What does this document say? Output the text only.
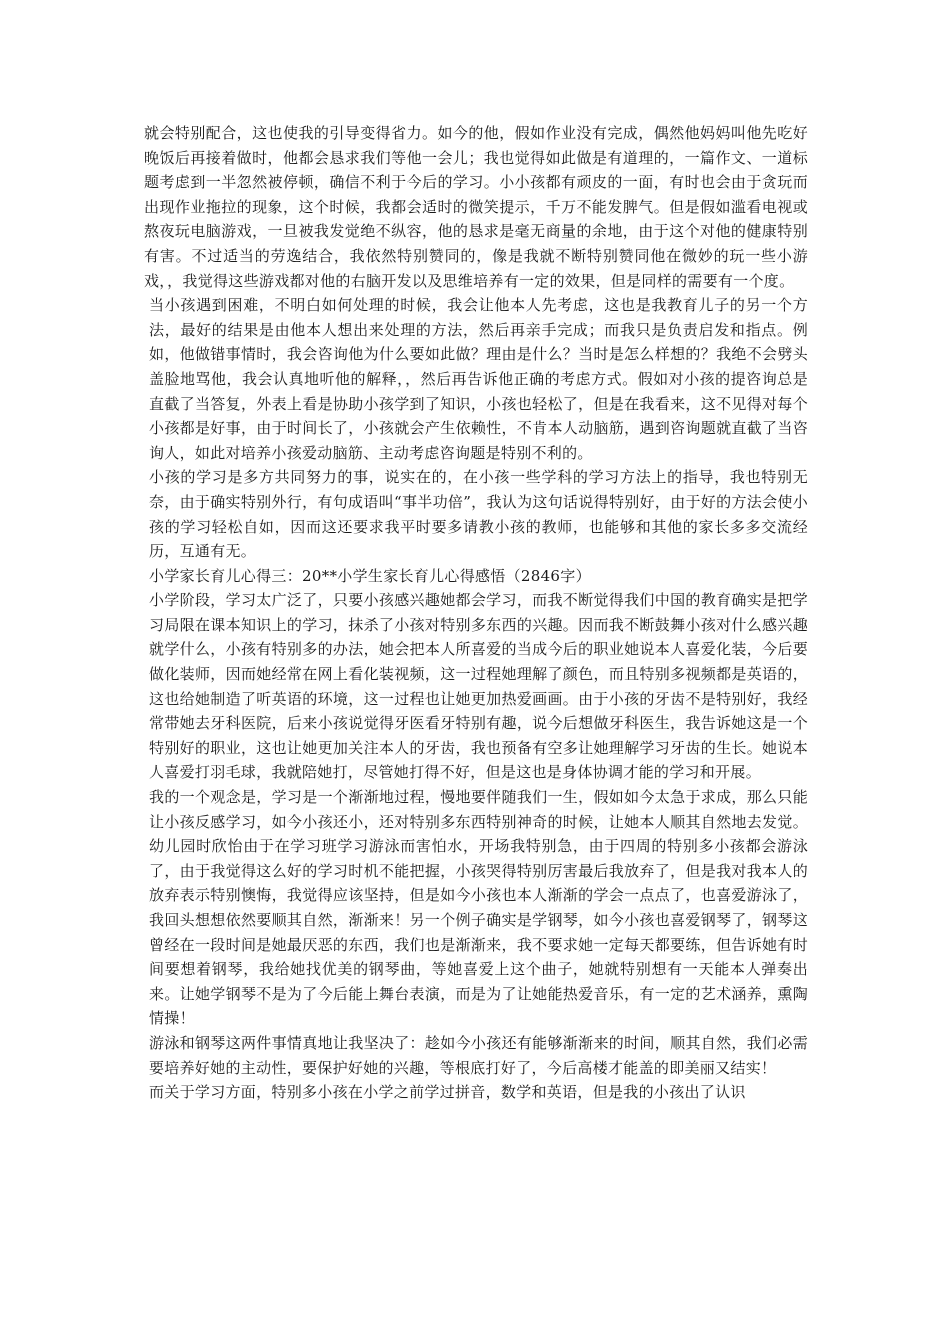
就会特别配合，这也使我的引导变得省力。如今的他，假如作业没有完成，偶然他妈妈叫他先吃好晚饭后再接着做时，他都会恳求我们等他一会儿；我也觉得如此做是有道理的，一篇作文、一道标题考虑到一半忽然被停顿，确信不利于今后的学习。小小孩都有顽皮的一面，有时也会由于贪玩而出现作业拖拉的现象，这个时候，我都会适时的微笑提示，千万不能发脾气。但是假如滥看电视或熬夜玩电脑游戏，一旦被我发觉绝不纵容，他的恳求是毫无商量的余地，由于这个对他的健康特别有害。不过适当的劳逸结合，我依然特别赞同的，像是我就不断特别赞同他在微妙的玩一些小游戏，，我觉得这些游戏都对他的右脑开发以及思维培养有一定的效果，但是同样的需要有一个度。

当小孩遇到困难，不明白如何处理的时候，我会让他本人先考虑，这也是我教育儿子的另一个方法，最好的结果是由他本人想出来处理的方法，然后再亲手完成；而我只是负责启发和指点。例如，他做错事情时，我会咨询他为什么要如此做？理由是什么？当时是怎么样想的？我绝不会劈头盖脸地骂他，我会认真地听他的解释，，然后再告诉他正确的考虑方式。假如对小孩的提咨询总是直截了当答复，外表上看是协助小孩学到了知识，小孩也轻松了，但是在我看来，这不见得对每个小孩都是好事，由于时间长了，小孩就会产生依赖性，不肯本人动脑筋，遇到咨询题就直截了当咨询人，如此对培养小孩爱动脑筋、主动考虑咨询题是特别不利的。

小孩的学习是多方共同努力的事，说实在的，在小孩一些学科的学习方法上的指导，我也特别无奈，由于确实特别外行，有句成语叫“事半功倍”，我认为这句话说得特别好，由于好的方法会使小孩的学习轻松自如，因而这还要求我平时要多请教小孩的教师，也能够和其他的家长多多交流经历，互通有无。

小学家长育儿心得三：20**小学生家长育儿心得感悟（2846字）

小学阶段，学习太广泛了，只要小孩感兴趣她都会学习，而我不断觉得我们中国的教育确实是把学习局限在课本知识上的学习，抹杀了小孩对特别多东西的兴趣。因而我不断鼓舞小孩对什么感兴趣就学什么，小孩有特别多的办法，她会把本人所喜爱的当成今后的职业她说本人喜爱化装，今后要做化装师，因而她经常在网上看化装视频，这一过程她理解了颜色，而且特别多视频都是英语的，这也给她制造了听英语的环境，这一过程也让她更加热爱画画。由于小孩的牙齿不是特别好，我经常带她去牙科医院，后来小孩说觉得牙医看牙特别有趣，说今后想做牙科医生，我告诉她这是一个特别好的职业，这也让她更加关注本人的牙齿，我也预备有空多让她理解学习牙齿的生长。她说本人喜爱打羽毛球，我就陪她打，尽管她打得不好，但是这也是身体协调才能的学习和开展。

我的一个观念是，学习是一个渐渐地过程，慢地要伴随我们一生，假如如今太急于求成，那么只能让小孩反感学习，如今小孩还小，还对特别多东西特别神奇的时候，让她本人顺其自然地去发觉。幼儿园时欣怡由于在学习班学习游泳而害怕水，开场我特别急，由于四周的特别多小孩都会游泳了，由于我觉得这么好的学习时机不能把握，小孩哭得特别厉害最后我放弃了，但是我对我本人的放弃表示特别懊悔，我觉得应该坚持，但是如今小孩也本人渐渐的学会一点点了，也喜爱游泳了，我回头想想依然要顺其自然，渐渐来！另一个例子确实是学钢琴，如今小孩也喜爱钢琴了，钢琴这曾经在一段时间是她最厌恶的东西，我们也是渐渐来，我不要求她一定每天都要练，但告诉她有时间要想着钢琴，我给她找优美的钢琴曲，等她喜爱上这个曲子，她就特别想有一天能本人弹奏出来。让她学钢琴不是为了今后能上舞台表演，而是为了让她能热爱音乐，有一定的艺术涵养，熏陶情操！

游泳和钢琴这两件事情真地让我坚决了：趁如今小孩还有能够渐渐来的时间，顺其自然，我们必需要培养好她的主动性，要保护好她的兴趣，等根底打好了，今后高楼才能盖的即美丽又结实！

而关于学习方面，特别多小孩在小学之前学过拼音，数学和英语，但是我的小孩出了认识
